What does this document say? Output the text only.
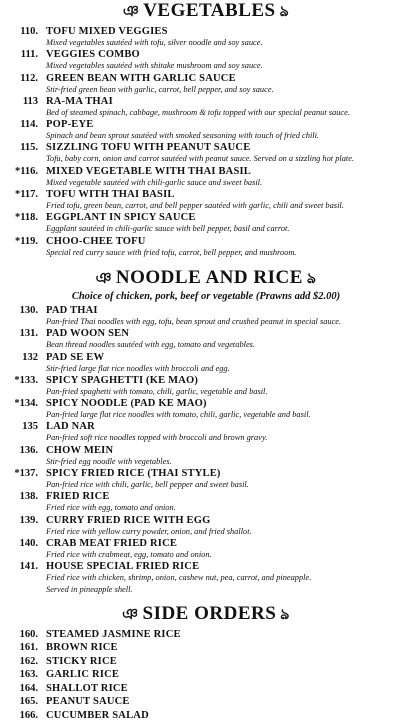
ঞ VEGETABLES ঌ
110. TOFU MIXED VEGGIES
Mixed vegetables sautéed with tofu, silver noodle and soy sauce.
111. VEGGIES COMBO
Mixed vegetables sautéed with shitake mushroom and soy sauce.
112. GREEN BEAN WITH GARLIC SAUCE
Stir-fried green bean with garlic, carrot, bell pepper, and soy sauce.
113 RA-MA THAI
Bed of steamed spinach, cabbage, mushroom & tofu topped with our special peanut sauce.
114. POP-EYE
Spinach and bean sprout sautéed with smoked seasoning with touch of fried chili.
115. SIZZLING TOFU WITH PEANUT SAUCE
Tofu, baby corn, onion and carrot sautéed with peanut sauce. Served on a sizzling hot plate.
*116. MIXED VEGETABLE WITH THAI BASIL
Mixed vegetable sautéed with chili-garlic sauce and sweet basil.
*117. TOFU WITH THAI BASIL
Fried tofu, green bean, carrot, and bell pepper sautéed with garlic, chili and sweet basil.
*118. EGGPLANT IN SPICY SAUCE
Eggplant sautéed in chili-garlic sauce with bell pepper, basil and carrot.
*119. CHOO-CHEE TOFU
Special red curry sauce with fried tofu, carrot, bell pepper, and mushroom.
ঞ NOODLE AND RICE ঌ
Choice of chicken, pork, beef or vegetable (Prawns add $2.00)
130. PAD THAI
Pan-fried Thai noodles with egg, tofu, bean sprout and crushed peanut in special sauce.
131. PAD WOON SEN
Bean thread noodles sautéed with egg, tomato and vegetables.
132 PAD SE EW
Stir-fried large flat rice noodles with broccoli and egg.
*133. SPICY SPAGHETTI (KE MAO)
Pan-fried spaghetti with tomato, chili, garlic, vegetable and basil.
*134. SPICY NOODLE (PAD KE MAO)
Pan-fried large flat rice noodles with tomato, chili, garlic, vegetable and basil.
135 LAD NAR
Pan-fried soft rice noodles topped with broccoli and brown gravy.
136. CHOW MEIN
Stir-fried egg noodle with vegetables.
*137. SPICY FRIED RICE (THAI STYLE)
Pan-fried rice with chili, garlic, bell pepper and sweet basil.
138. FRIED RICE
Fried rice with egg, tomato and onion.
139. CURRY FRIED RICE WITH EGG
Fried rice with yellow curry powder, onion, and fried shallot.
140. CRAB MEAT FRIED RICE
Fried rice with crabmeat, egg, tomato and onion.
141. HOUSE SPECIAL FRIED RICE
Fried rice with chicken, shrimp, onion, cashew nut, pea, carrot, and pineapple.
Served in pineapple shell.
ঞ SIDE ORDERS ঌ
160. STEAMED JASMINE RICE
161. BROWN RICE
162. STICKY RICE
163. GARLIC RICE
164. SHALLOT RICE
165. PEANUT SAUCE
166. CUCUMBER SALAD
